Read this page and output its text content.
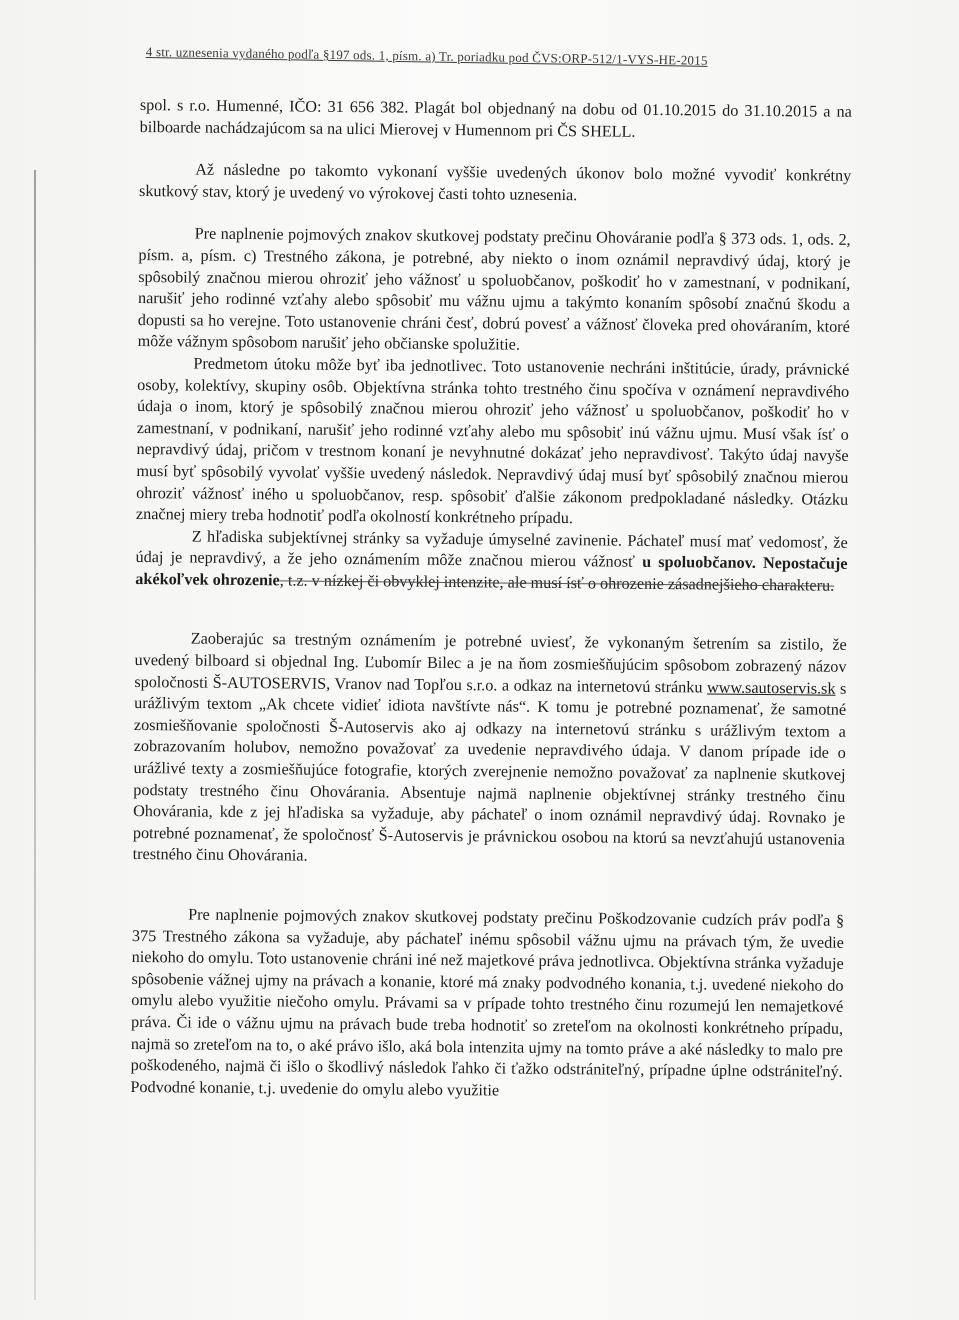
4 str. uznesenia vydaného podľa §197 ods. 1, písm. a) Tr. poriadku pod ČVS:ORP-512/1-VYS-HE-2015

spol. s r.o. Humenné, IČO: 31 656 382. Plagát bol objednaný na dobu od 01.10.2015 do 31.10.2015 a na bilboarde nachádzajúcom sa na ulici Mierovej v Humennom pri ČS SHELL.

Až následne po takomto vykonaní vyššie uvedených úkonov bolo možné vyvodiť konkrétny skutkový stav, ktorý je uvedený vo výrokovej časti tohto uznesenia.

Pre naplnenie pojmových znakov skutkovej podstaty prečinu Ohováranie podľa § 373 ods. 1, ods. 2, písm. a, písm. c) Trestného zákona, je potrebné, aby niekto o inom oznámil nepravdivý údaj, ktorý je spôsobilý značnou mierou ohroziť jeho vážnosť u spoluobčanov, poškodiť ho v zamestnaní, v podnikaní, narušiť jeho rodinné vzťahy alebo spôsobiť mu vážnu ujmu a takýmto konaním spôsobí značnú škodu a dopusti sa ho verejne. Toto ustanovenie chráni česť, dobrú povesť a vážnosť človeka pred ohováraním, ktoré môže vážnym spôsobom narušiť jeho občianske spolužitie.

Predmetom útoku môže byť iba jednotlivec. Toto ustanovenie nechráni inštitúcie, úrady, právnické osoby, kolektívy, skupiny osôb. Objektívna stránka tohto trestného činu spočíva v oznámení nepravdivého údaja o inom, ktorý je spôsobilý značnou mierou ohroziť jeho vážnosť u spoluobčanov, poškodiť ho v zamestnaní, v podnikaní, narušiť jeho rodinné vzťahy alebo mu spôsobiť inú vážnu ujmu. Musí však ísť o nepravdivý údaj, pričom v trestnom konaní je nevyhnutné dokázať jeho nepravdivosť. Takýto údaj navyše musí byť spôsobilý vyvolať vyššie uvedený následok. Nepravdivý údaj musí byť spôsobilý značnou mierou ohroziť vážnosť iného u spoluobčanov, resp. spôsobiť ďalšie zákonom predpokladané následky. Otázku značnej miery treba hodnotiť podľa okolností konkrétneho prípadu.

Z hľadiska subjektívnej stránky sa vyžaduje úmyselné zavinenie. Páchateľ musí mať vedomosť, že údaj je nepravdivý, a že jeho oznámením môže značnou mierou vážnosť u spoluobčanov. Nepostačuje akékoľvek ohrozenie, t.z. v nízkej či obvyklej intenzite, ale musí ísť o ohrozenie zásadnejšieho charakteru.

Zaoberajúc sa trestným oznámením je potrebné uviesť, že vykonaným šetrením sa zistilo, že uvedený bilboard si objednal Ing. Ľubomír Bilec a je na ňom zosmiešňujúcim spôsobom zobrazený názov spoločnosti Š-AUTOSERVIS, Vranov nad Topľou s.r.o. a odkaz na internetovú stránku www.sautoservis.sk s urážlivým textom „Ak chcete vidieť idiota navštívte nás“. K tomu je potrebné poznamenať, že samotné zosmiešňovanie spoločnosti Š-Autoservis ako aj odkazy na internetovú stránku s urážlivým textom a zobrazovaním holubov, nemožno považovať za uvedenie nepravdivého údaja. V danom prípade ide o urážlivé texty a zosmiešňujúce fotografie, ktorých zverejnenie nemožno považovať za naplnenie skutkovej podstaty trestného činu Ohovárania. Absentuje najmä naplnenie objektívnej stránky trestného činu Ohovárania, kde z jej hľadiska sa vyžaduje, aby páchateľ o inom oznámil nepravdivý údaj. Rovnako je potrebné poznamenať, že spoločnosť Š-Autoservis je právnickou osobou na ktorú sa nevzťahujú ustanovenia trestného činu Ohovárania.

Pre naplnenie pojmových znakov skutkovej podstaty prečinu Poškodzovanie cudzích práv podľa § 375 Trestného zákona sa vyžaduje, aby páchateľ inému spôsobil vážnu ujmu na právach tým, že uvedie niekoho do omylu. Toto ustanovenie chráni iné než majetkové práva jednotlivca. Objektívna stránka vyžaduje spôsobenie vážnej ujmy na právach a konanie, ktoré má znaky podvodného konania, t.j. uvedené niekoho do omylu alebo využitie niečoho omylu. Právami sa v prípade tohto trestného činu rozumejú len nemajetkové práva. Či ide o vážnu ujmu na právach bude treba hodnotiť so zreteľom na okolnosti konkrétneho prípadu, najmä so zreteľom na to, o aké právo išlo, aká bola intenzita ujmy na tomto práve a aké následky to malo pre poškodeného, najmä či išlo o škodlivý následok ľahko či ťažko odstrániteľný, prípadne úplne odstrániteľný. Podvodné konanie, t.j. uvedenie do omylu alebo využitie
